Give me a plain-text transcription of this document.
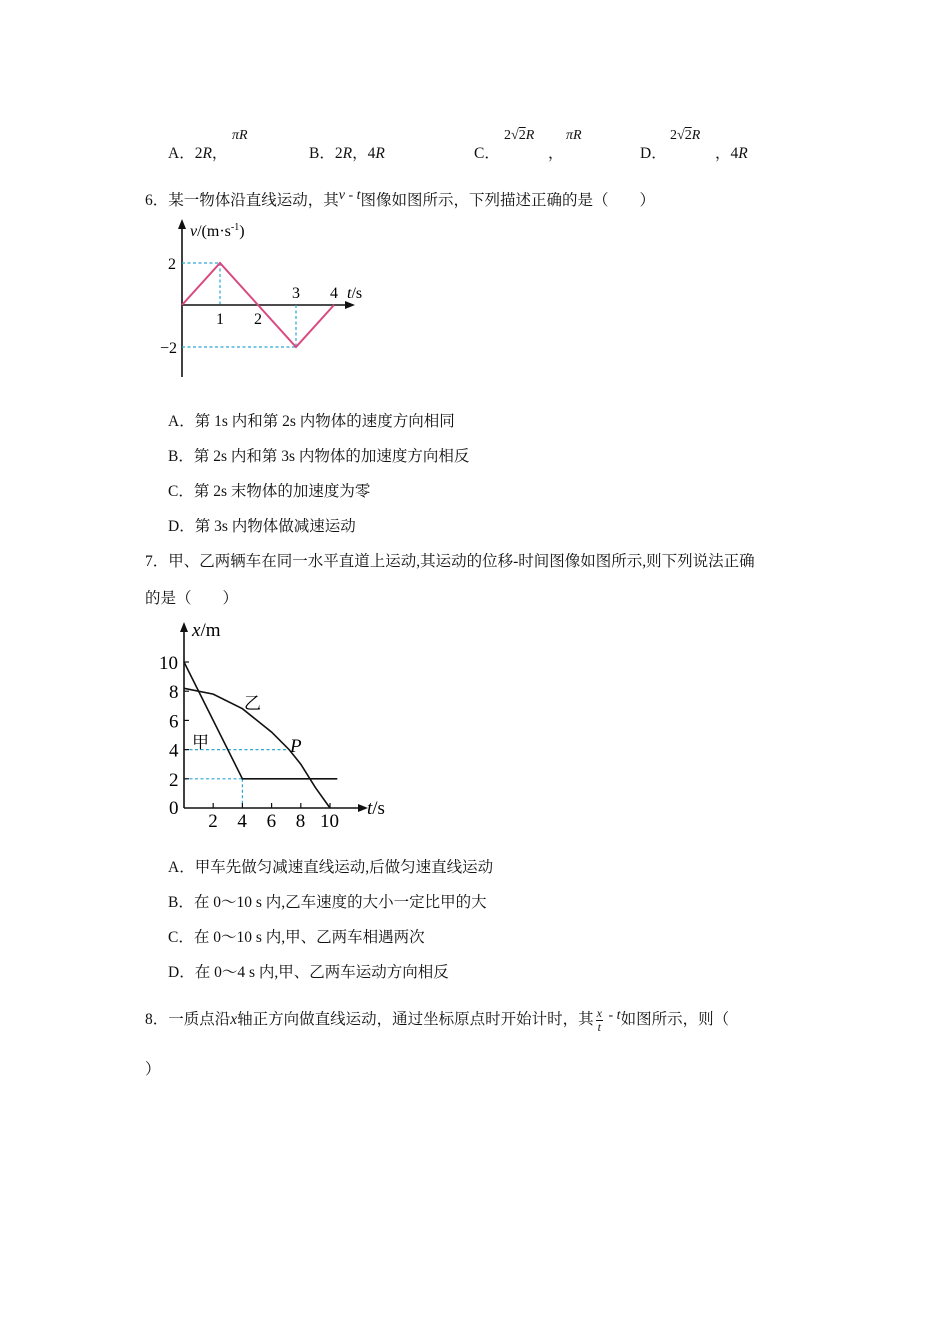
A．2R，
πR
B．2R，4R	C．
2√2R
，
πR
D．
2√2R
，4R
6．某一物体沿直线运动，其v - t图像如图所示，下列描述正确的是（　　）
1 2
3 4
2
−2
$v/(m\cdot s^{-1})$
t/s
A．第 1s 内和第 2s 内物体的速度方向相同
B．第 2s 内和第 3s 内物体的加速度方向相反
C．第 2s 末物体的加速度为零
D．第 3s 内物体做减速运动
7．甲、乙两辆车在同一水平直道上运动,其运动的位移-时间图像如图所示,则下列说法正确
的是（　　）
2 4 6 8 10
2
4
6
8
10
x/m
t/s
0
甲
乙
P
A．甲车先做匀减速直线运动,后做匀速直线运动
B．在 0～10 s 内,乙车速度的大小一定比甲的大
C．在 0～10 s 内,甲、乙两车相遇两次
D．在 0～4 s 内,甲、乙两车运动方向相反
8．一质点沿x轴正方向做直线运动，通过坐标原点时开始计时，其 $\frac{x}{t}$ - t如图所示，则（
）
